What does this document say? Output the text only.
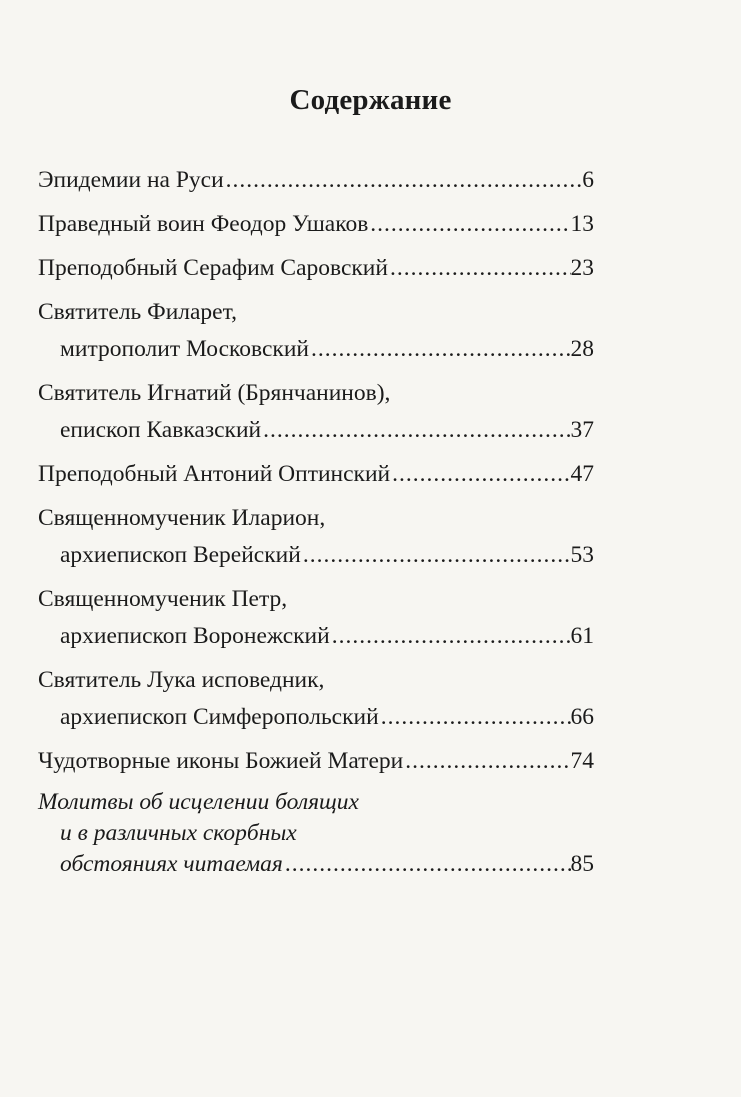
Содержание
Эпидемии на Руси .....	6
Праведный воин Феодор Ушаков .....	13
Преподобный Серафим Саровский .....	23
Святитель Филарет,
митрополит Московский .....	28
Святитель Игнатий (Брянчанинов),
епископ Кавказский .....	37
Преподобный Антоний Оптинский .....	47
Священномученик Иларион,
архиепископ Верейский .....	53
Священномученик Петр,
архиепископ Воронежский .....	61
Святитель Лука исповедник,
архиепископ Симферопольский .....	66
Чудотворные иконы Божией Матери .....	74
Молитвы об исцелении болящих
и в различных скорбных
обстояниях читаемая .....	85
